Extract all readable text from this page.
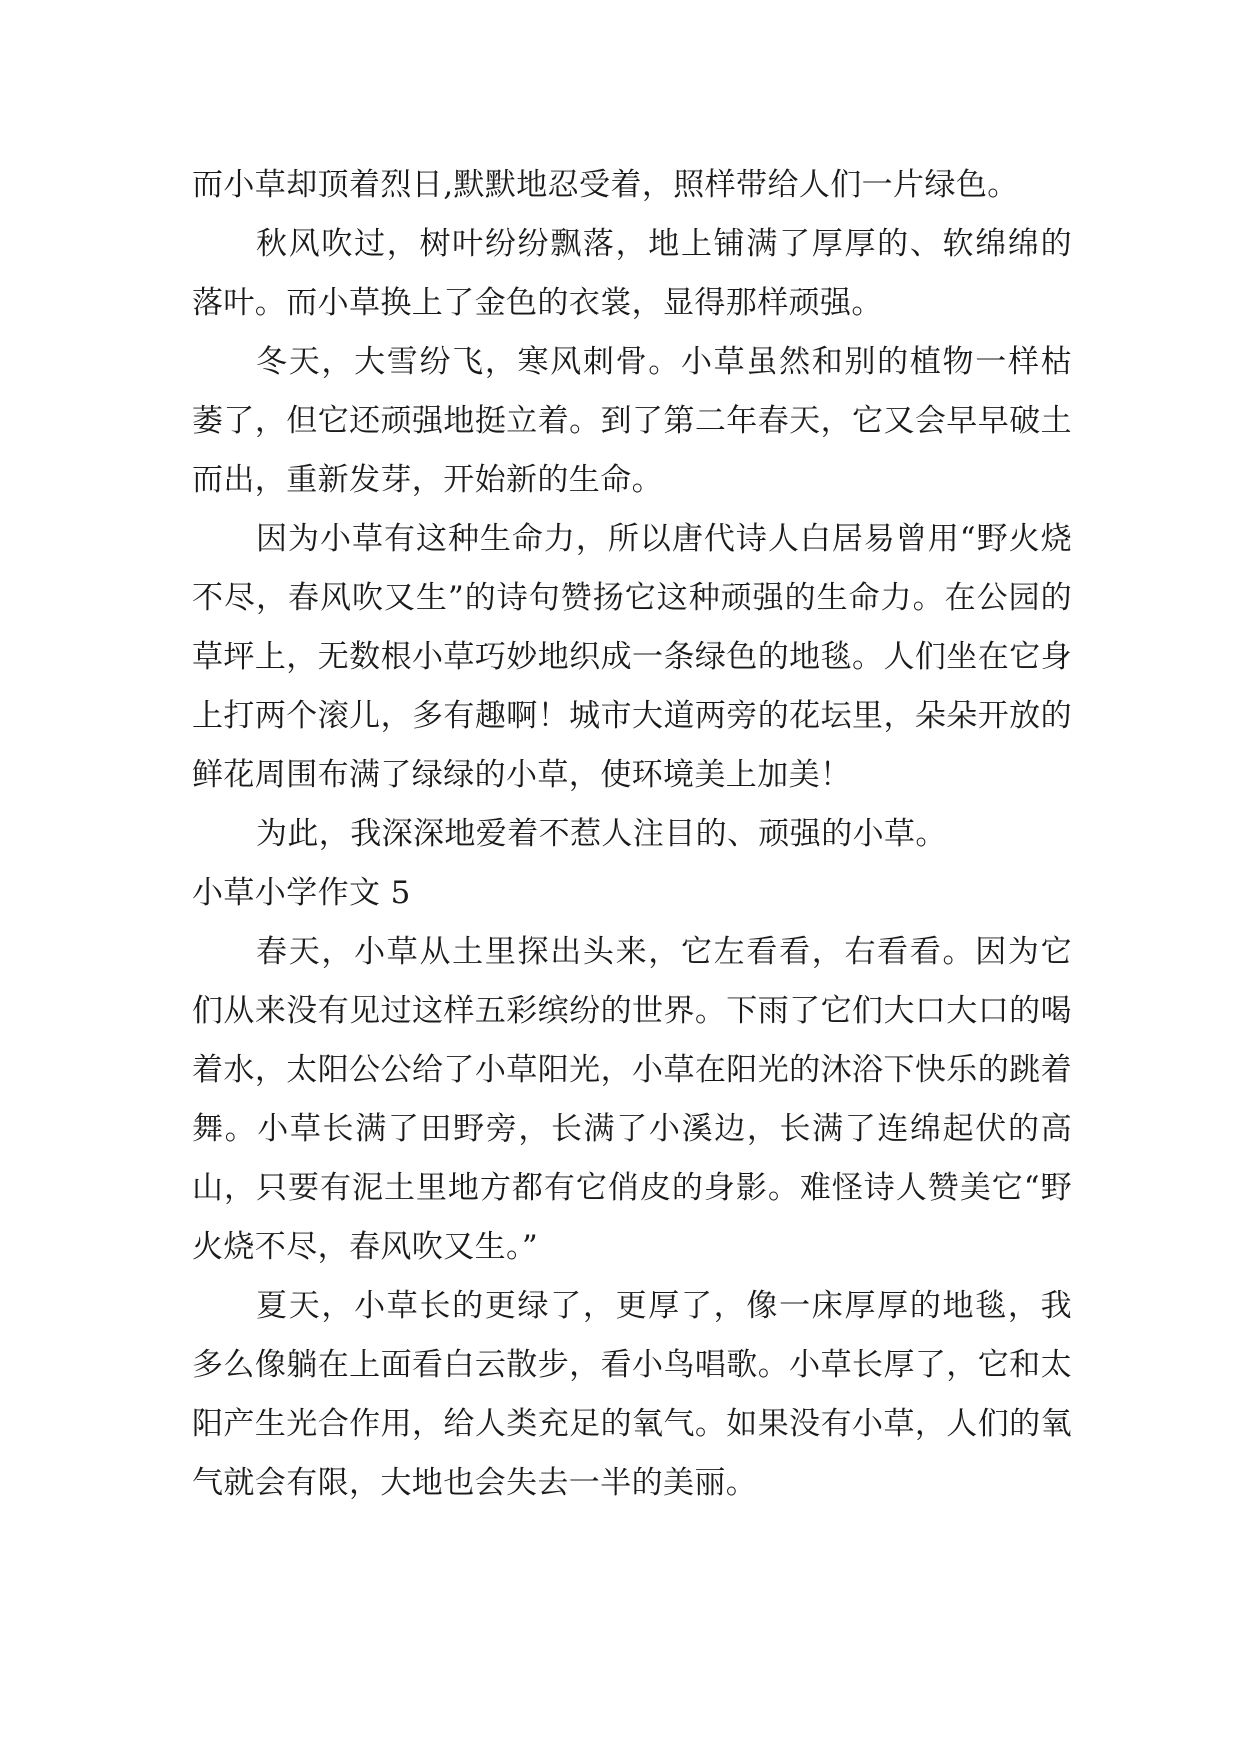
而小草却顶着烈日,默默地忍受着，照样带给人们一片绿色。

秋风吹过，树叶纷纷飘落，地上铺满了厚厚的、软绵绵的落叶。而小草换上了金色的衣裳，显得那样顽强。

冬天，大雪纷飞，寒风刺骨。小草虽然和别的植物一样枯萎了，但它还顽强地挺立着。到了第二年春天，它又会早早破土而出，重新发芽，开始新的生命。

因为小草有这种生命力，所以唐代诗人白居易曾用“野火烧不尽，春风吹又生”的诗句赞扬它这种顽强的生命力。在公园的草坪上，无数根小草巧妙地织成一条绿色的地毯。人们坐在它身上打两个滚儿，多有趣啊！城市大道两旁的花坛里，朵朵开放的鲜花周围布满了绿绿的小草，使环境美上加美！

为此，我深深地爱着不惹人注目的、顽强的小草。

小草小学作文 5

春天，小草从土里探出头来，它左看看，右看看。因为它们从来没有见过这样五彩缤纷的世界。下雨了它们大口大口的喝着水，太阳公公给了小草阳光，小草在阳光的沐浴下快乐的跳着舞。小草长满了田野旁，长满了小溪边，长满了连绵起伏的高山，只要有泥土里地方都有它俏皮的身影。难怪诗人赞美它“野火烧不尽，春风吹又生。”

夏天，小草长的更绿了，更厚了，像一床厚厚的地毯，我多么像躺在上面看白云散步，看小鸟唱歌。小草长厚了，它和太阳产生光合作用，给人类充足的氧气。如果没有小草，人们的氧气就会有限，大地也会失去一半的美丽。
